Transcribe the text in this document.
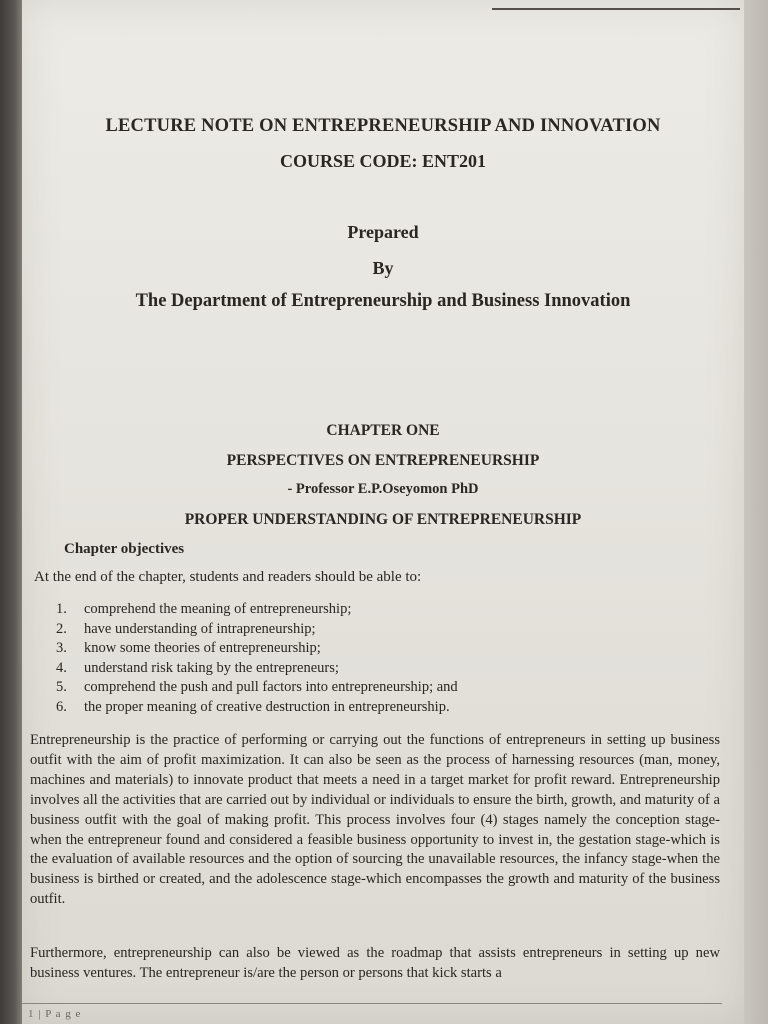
LECTURE NOTE ON ENTREPRENEURSHIP AND INNOVATION
COURSE CODE: ENT201
Prepared
By
The Department of Entrepreneurship and Business Innovation
CHAPTER ONE
PERSPECTIVES ON ENTREPRENEURSHIP
- Professor E.P.Oseyomon PhD
PROPER UNDERSTANDING OF ENTREPRENEURSHIP
Chapter objectives
At the end of the chapter, students and readers should be able to:
1. comprehend the meaning of entrepreneurship;
2. have understanding of intrapreneurship;
3. know some theories of entrepreneurship;
4. understand risk taking by the entrepreneurs;
5. comprehend the push and pull factors into entrepreneurship; and
6. the proper meaning of creative destruction in entrepreneurship.

Entrepreneurship is the practice of performing or carrying out the functions of entrepreneurs in setting up business outfit with the aim of profit maximization. It can also be seen as the process of harnessing resources (man, money, machines and materials) to innovate product that meets a need in a target market for profit reward. Entrepreneurship involves all the activities that are carried out by individual or individuals to ensure the birth, growth, and maturity of a business outfit with the goal of making profit. This process involves four (4) stages namely the conception stage-when the entrepreneur found and considered a feasible business opportunity to invest in, the gestation stage-which is the evaluation of available resources and the option of sourcing the unavailable resources, the infancy stage-when the business is birthed or created, and the adolescence stage-which encompasses the growth and maturity of the business outfit.

Furthermore, entrepreneurship can also be viewed as the roadmap that assists entrepreneurs in setting up new business ventures. The entrepreneur is/are the person or persons that kick starts a

1 | P a g e
